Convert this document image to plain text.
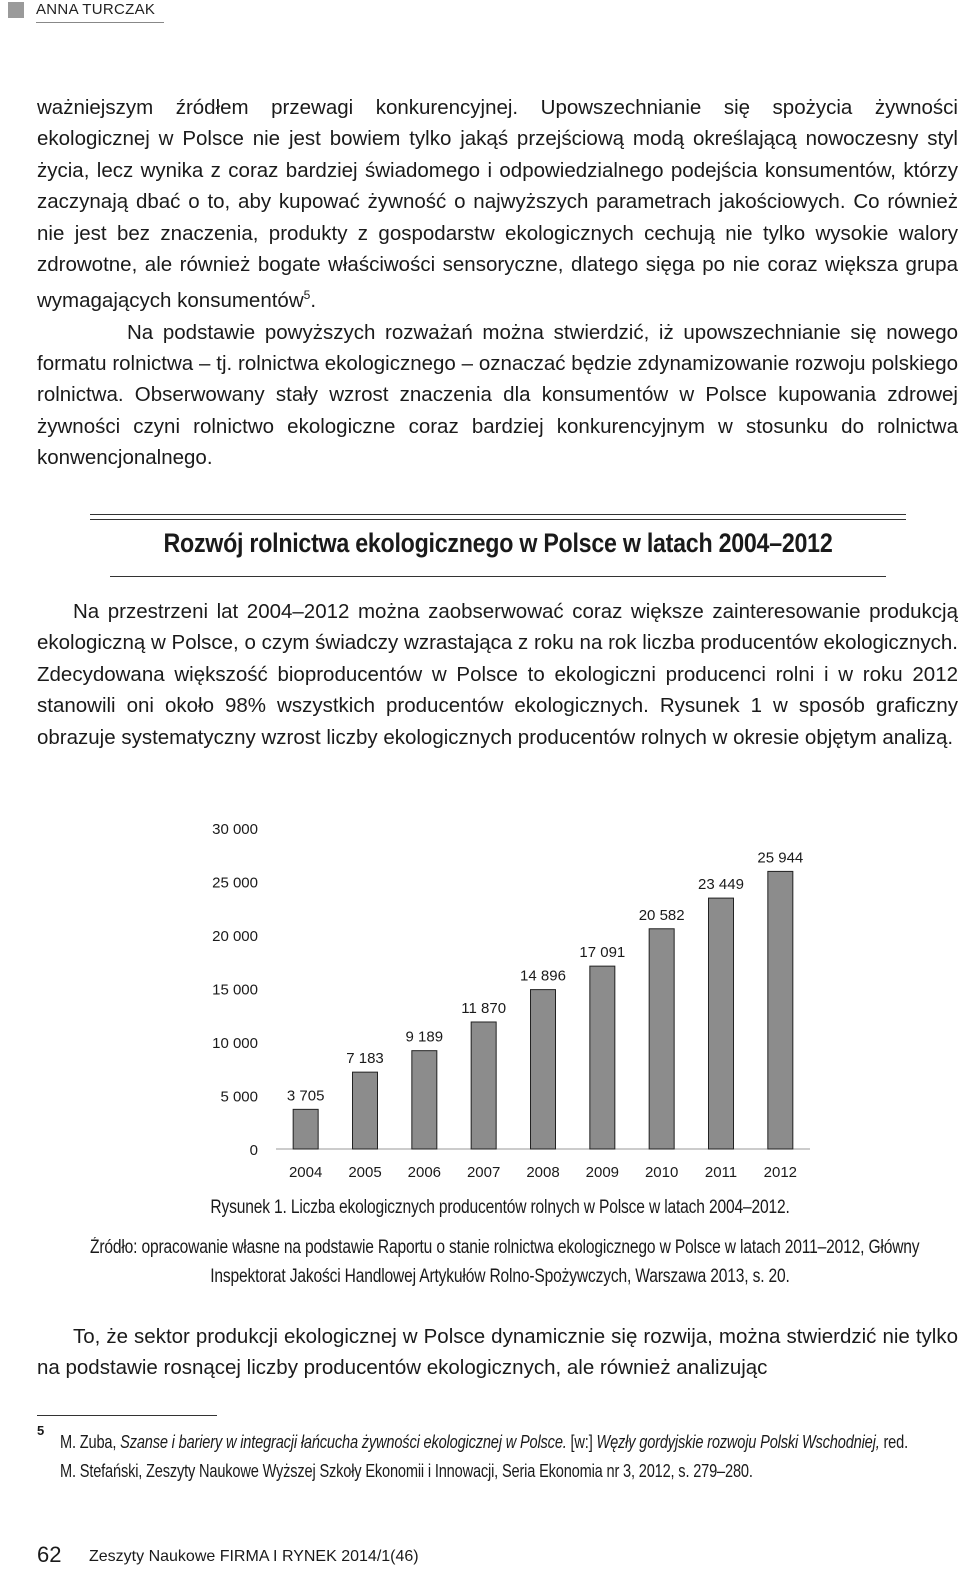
ANNA TURCZAK

ważniejszym źródłem przewagi konkurencyjnej. Upowszechnianie się spożycia żywności ekologicznej w Polsce nie jest bowiem tylko jakąś przejściową modą określającą nowoczesny styl życia, lecz wynika z coraz bardziej świadomego i odpowiedzialnego podejścia konsumentów, którzy zaczynają dbać o to, aby kupować żywność o najwyższych parametrach jakościowych. Co również nie jest bez znaczenia, produkty z gospodarstw ekologicznych cechują nie tylko wysokie walory zdrowotne, ale również bogate właściwości sensoryczne, dlatego sięga po nie coraz większa grupa wymagających konsumentów$^5$.

Na podstawie powyższych rozważań można stwierdzić, iż upowszechnianie się nowego formatu rolnictwa – tj. rolnictwa ekologicznego – oznaczać będzie zdynamizowanie rozwoju polskiego rolnictwa. Obserwowany stały wzrost znaczenia dla konsumentów w Polsce kupowania zdrowej żywności czyni rolnictwo ekologiczne coraz bardziej konkurencyjnym w stosunku do rolnictwa konwencjonalnego.

Rozwój rolnictwa ekologicznego w Polsce w latach 2004–2012

Na przestrzeni lat 2004–2012 można zaobserwować coraz większe zainteresowanie produkcją ekologiczną w Polsce, o czym świadczy wzrastająca z roku na rok liczba producentów ekologicznych. Zdecydowana większość bioproducentów w Polsce to ekologiczni producenci rolni i w roku 2012 stanowili oni około 98% wszystkich producentów ekologicznych. Rysunek 1 w sposób graficzny obrazuje systematyczny wzrost liczby ekologicznych producentów rolnych w okresie objętym analizą.

0
5 000
10 000
15 000
20 000
25 000
30 000
3 705
2004
7 183
2005
9 189
2006
11 870
2007
14 896
2008
17 091
2009
20 582
2010
23 449
2011
25 944
2012
Rysunek 1. Liczba ekologicznych producentów rolnych w Polsce w latach 2004–2012.
Źródło: opracowanie własne na podstawie Raportu o stanie rolnictwa ekologicznego w Polsce w latach 2011–2012, Główny
Inspektorat Jakości Handlowej Artykułów Rolno-Spożywczych, Warszawa 2013, s. 20.

To, że sektor produkcji ekologicznej w Polsce dynamicznie się rozwija, można stwierdzić nie tylko na podstawie rosnącej liczby producentów ekologicznych, ale również analizując

5
M. Zuba, Szanse i bariery w integracji łańcucha żywności ekologicznej w Polsce. [w:] Węzły gordyjskie rozwoju Polski Wschodniej, red.
M. Stefański, Zeszyty Naukowe Wyższej Szkoły Ekonomii i Innowacji, Seria Ekonomia nr 3, 2012, s. 279–280.
62 Zeszyty Naukowe FIRMA I RYNEK 2014/1(46)
